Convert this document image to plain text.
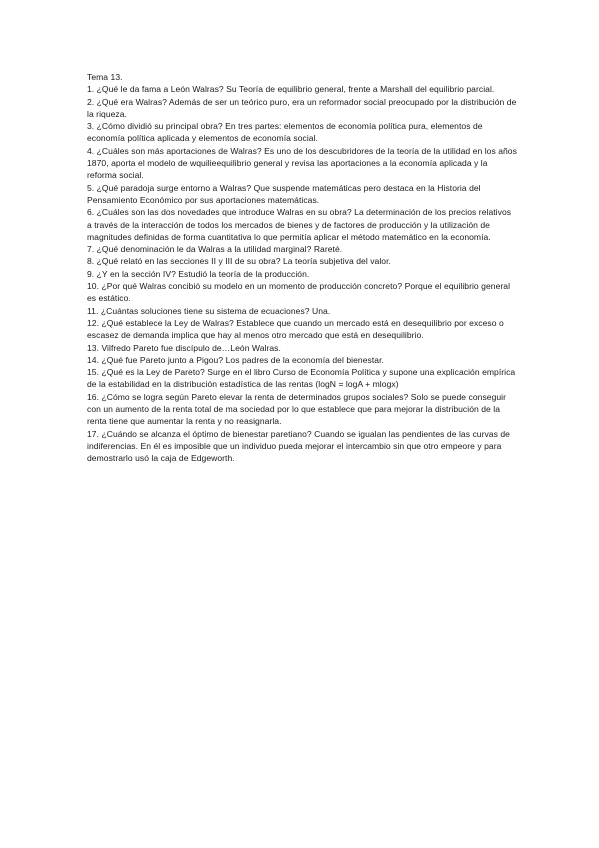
Tema 13.

1. ¿Qué le da fama a León Walras? Su Teoría de equilibrio general, frente a Marshall del equilibrio parcial.

2. ¿Qué era Walras? Además de ser un teórico puro, era un reformador social preocupado por la distribución de la riqueza.

3. ¿Cómo dividió su principal obra? En tres partes: elementos de economía política pura, elementos de economía política aplicada y elementos de economía social.

4. ¿Cuáles son más aportaciones de Walras? Es uno de los descubridores de la teoría de la utilidad en los años 1870, aporta el modelo de wquilieequilibrio general y revisa las aportaciones a la economía aplicada y la reforma social.

5. ¿Qué paradoja surge entorno a Walras? Que suspende matemáticas pero destaca en la Historia del Pensamiento Económico por sus aportaciones matemáticas.

6. ¿Cuáles son las dos novedades que introduce Walras en su obra? La determinación de los precios relativos a través de la interacción de todos los mercados de bienes y de factores de producción y la utilización de magnitudes definidas de forma cuantitativa lo que permitía aplicar el método matemático en la economía.

7. ¿Qué denominación le da Walras a la utilidad marginal? Rareté.

8. ¿Qué relató en las secciones II y III de su obra? La teoría subjetiva del valor.

9. ¿Y en la sección IV? Estudió la teoría de la producción.

10. ¿Por qué Walras concibió su modelo en un momento de producción concreto? Porque el equilibrio general es estático.

11. ¿Cuántas soluciones tiene su sistema de ecuaciones? Una.

12. ¿Qué establece la Ley de Walras? Establece que cuando un mercado está en desequilibrio por exceso o escasez de demanda implica que hay al menos otro mercado que está en desequilibrio.

13. Vilfredo Pareto fue discípulo de…León Walras.

14. ¿Qué fue Pareto junto a Pigou? Los padres de la economía del bienestar.

15. ¿Qué es la Ley de Pareto? Surge en el libro Curso de Economía Política y supone una explicación empírica de la estabilidad en la distribución estadística de las rentas (logN = logA + mlogx)

16. ¿Cómo se logra según Pareto elevar la renta de determinados grupos sociales? Solo se puede conseguir con un aumento de la renta total de ma sociedad por lo que establece que para mejorar la distribución de la renta tiene que aumentar la renta y no reasignarla.

17. ¿Cuándo se alcanza el óptimo de bienestar paretiano? Cuando se igualan las pendientes de las curvas de indiferencias. En él es imposible que un individuo pueda mejorar el intercambio sin que otro empeore y para demostrarlo usó la caja de Edgeworth.
